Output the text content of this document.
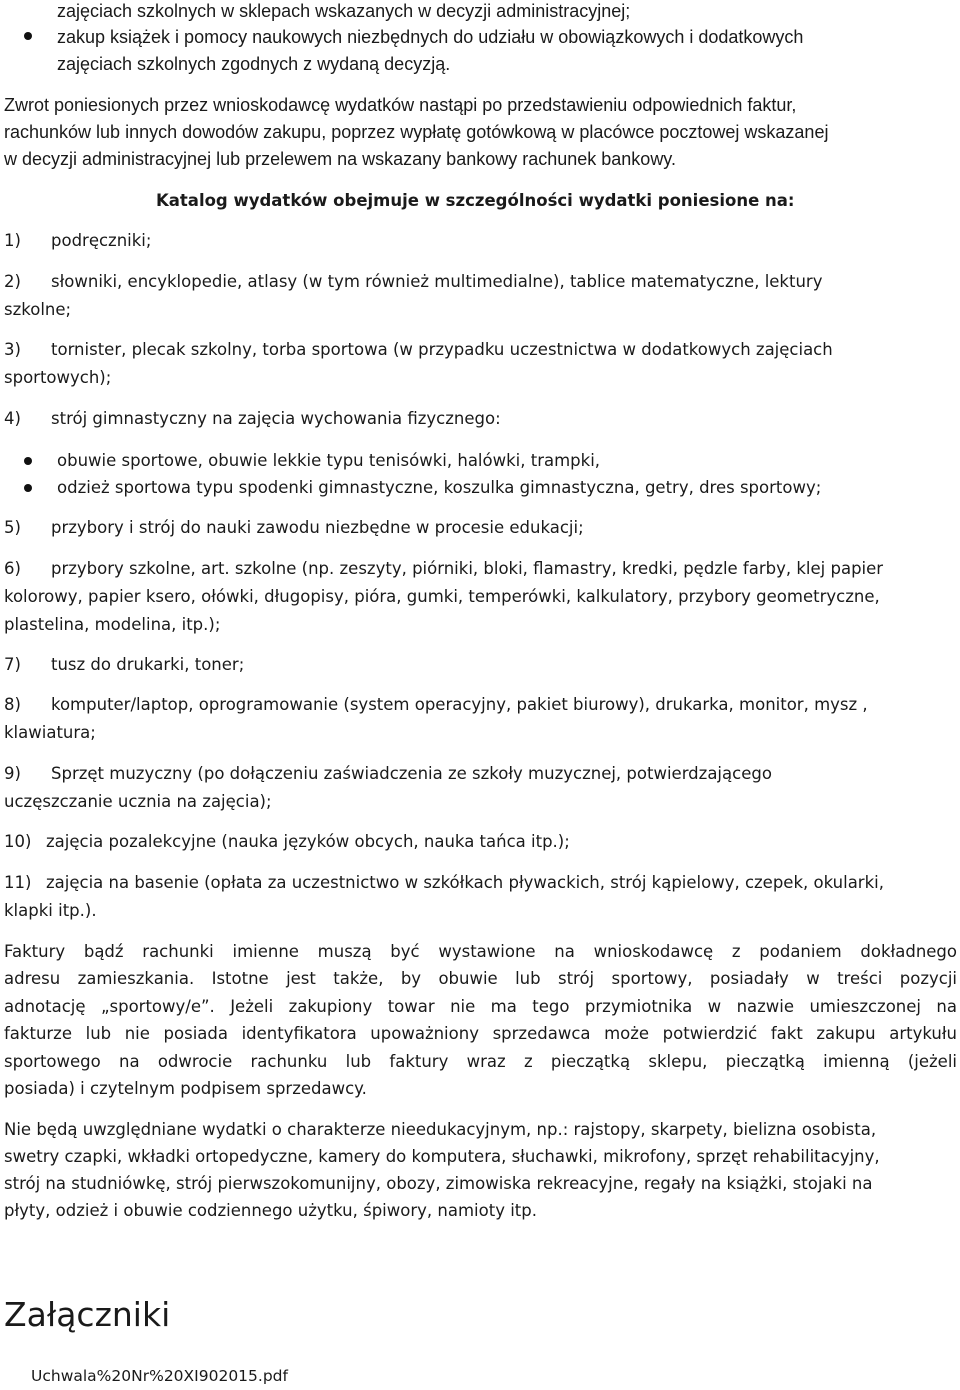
zajęciach szkolnych w sklepach wskazanych w decyzji administracyjnej;
zakup książek i pomocy naukowych niezbędnych do udziału w obowiązkowych i dodatkowych
zajęciach szkolnych zgodnych z wydaną decyzją.
Zwrot poniesionych przez wnioskodawcę wydatków nastąpi po przedstawieniu odpowiednich faktur,
rachunków lub innych dowodów zakupu, poprzez wypłatę gotówkową w placówce pocztowej wskazanej
w decyzji administracyjnej lub przelewem na wskazany bankowy rachunek bankowy.
Katalog wydatków obejmuje w szczególności wydatki poniesione na:
1) podręczniki;
2) słowniki, encyklopedie, atlasy (w tym również multimedialne), tablice matematyczne, lektury
szkolne;
3) tornister, plecak szkolny, torba sportowa (w przypadku uczestnictwa w dodatkowych zajęciach
sportowych);
4) strój gimnastyczny na zajęcia wychowania fizycznego:
obuwie sportowe, obuwie lekkie typu tenisówki, halówki, trampki,
odzież sportowa typu spodenki gimnastyczne, koszulka gimnastyczna, getry, dres sportowy;
5) przybory i strój do nauki zawodu niezbędne w procesie edukacji;
6) przybory szkolne, art. szkolne (np. zeszyty, piórniki, bloki, flamastry, kredki, pędzle farby, klej papier
kolorowy, papier ksero, ołówki, długopisy, pióra, gumki, temperówki, kalkulatory, przybory geometryczne,
plastelina, modelina, itp.);
7) tusz do drukarki, toner;
8) komputer/laptop, oprogramowanie (system operacyjny, pakiet biurowy), drukarka, monitor, mysz ,
klawiatura;
9) Sprzęt muzyczny (po dołączeniu zaświadczenia ze szkoły muzycznej, potwierdzającego
uczęszczanie ucznia na zajęcia);
10) zajęcia pozalekcyjne (nauka języków obcych, nauka tańca itp.);
11) zajęcia na basenie (opłata za uczestnictwo w szkółkach pływackich, strój kąpielowy, czepek, okularki,
klapki itp.).
Faktury bądź rachunki imienne muszą być wystawione na wnioskodawcę z podaniem dokładnego
adresu zamieszkania. Istotne jest także, by obuwie lub strój sportowy, posiadały w treści pozycji
adnotację „sportowy/e”. Jeżeli zakupiony towar nie ma tego przymiotnika w nazwie umieszczonej na
fakturze lub nie posiada identyfikatora upoważniony sprzedawca może potwierdzić fakt zakupu artykułu
sportowego na odwrocie rachunku lub faktury wraz z pieczątką sklepu, pieczątką imienną (jeżeli
posiada) i czytelnym podpisem sprzedawcy.
Nie będą uwzględniane wydatki o charakterze nieedukacyjnym, np.: rajstopy, skarpety, bielizna osobista,
swetry czapki, wkładki ortopedyczne, kamery do komputera, słuchawki, mikrofony, sprzęt rehabilitacyjny,
strój na studniówkę, strój pierwszokomunijny, obozy, zimowiska rekreacyjne, regały na książki, stojaki na
płyty, odzież i obuwie codziennego użytku, śpiwory, namioty itp.
Załączniki
Uchwala%20Nr%20XI902015.pdf
